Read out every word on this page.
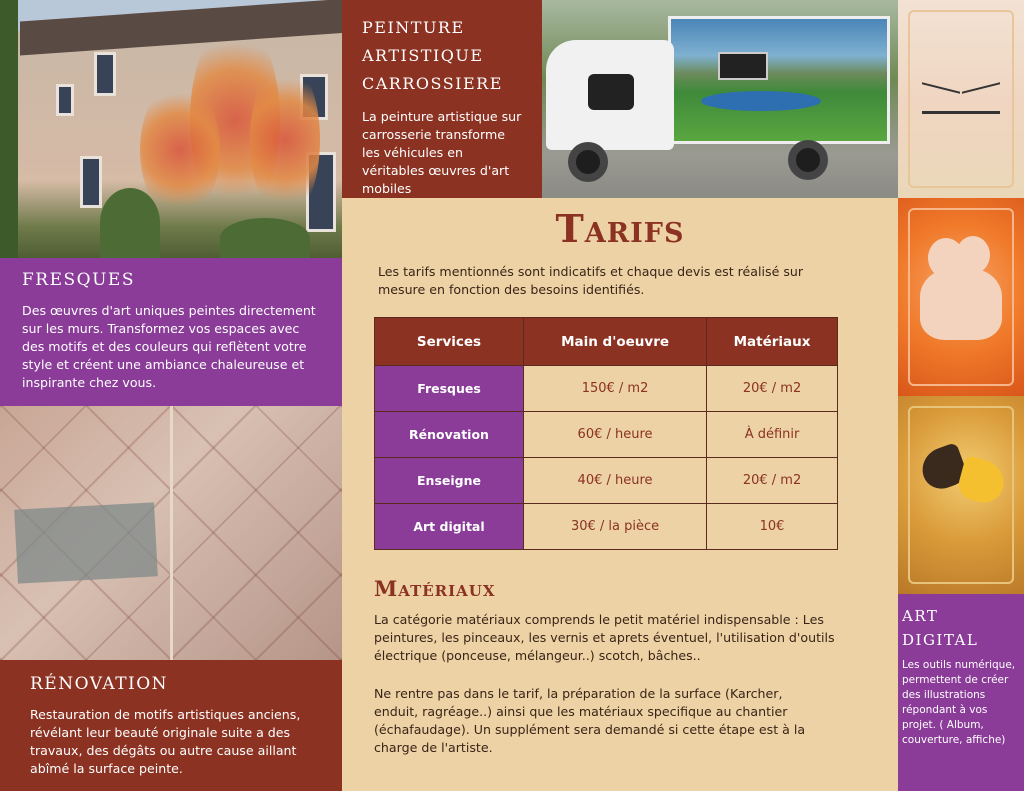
FRESQUES

Des œuvres d'art uniques peintes directement sur les murs. Transformez vos espaces avec des motifs et des couleurs qui reflètent votre style et créent une ambiance chaleureuse et inspirante chez vous.

RÉNOVATION

Restauration de motifs artistiques anciens, révélant leur beauté originale suite a des travaux, des dégâts ou autre cause aillant abîmé la surface peinte.

PEINTURE ARTISTIQUE CARROSSIERE

La peinture artistique sur carrosserie transforme les véhicules en véritables œuvres d'art mobiles

ART DIGITAL

Les outils numérique, permettent de créer des illustrations répondant à vos projet. ( Album, couverture, affiche)

Tarifs

Les tarifs mentionnés sont indicatifs et chaque devis est réalisé sur mesure en fonction des besoins identifiés.

Services	Main d'oeuvre	Matériaux
Fresques	150€ / m2	20€ / m2
Rénovation	60€ / heure	À définir
Enseigne	40€ / heure	20€ / m2
Art digital	30€ / la pièce	10€
Matériaux

La catégorie matériaux comprends le petit matériel indispensable : Les peintures, les pinceaux, les vernis et aprets éventuel, l'utilisation d'outils électrique (ponceuse, mélangeur..) scotch, bâches..

Ne rentre pas dans le tarif, la préparation de la surface (Karcher, enduit, ragréage..) ainsi que les matériaux specifique au chantier (échafaudage). Un supplément sera demandé si cette étape est à la charge de l'artiste.
